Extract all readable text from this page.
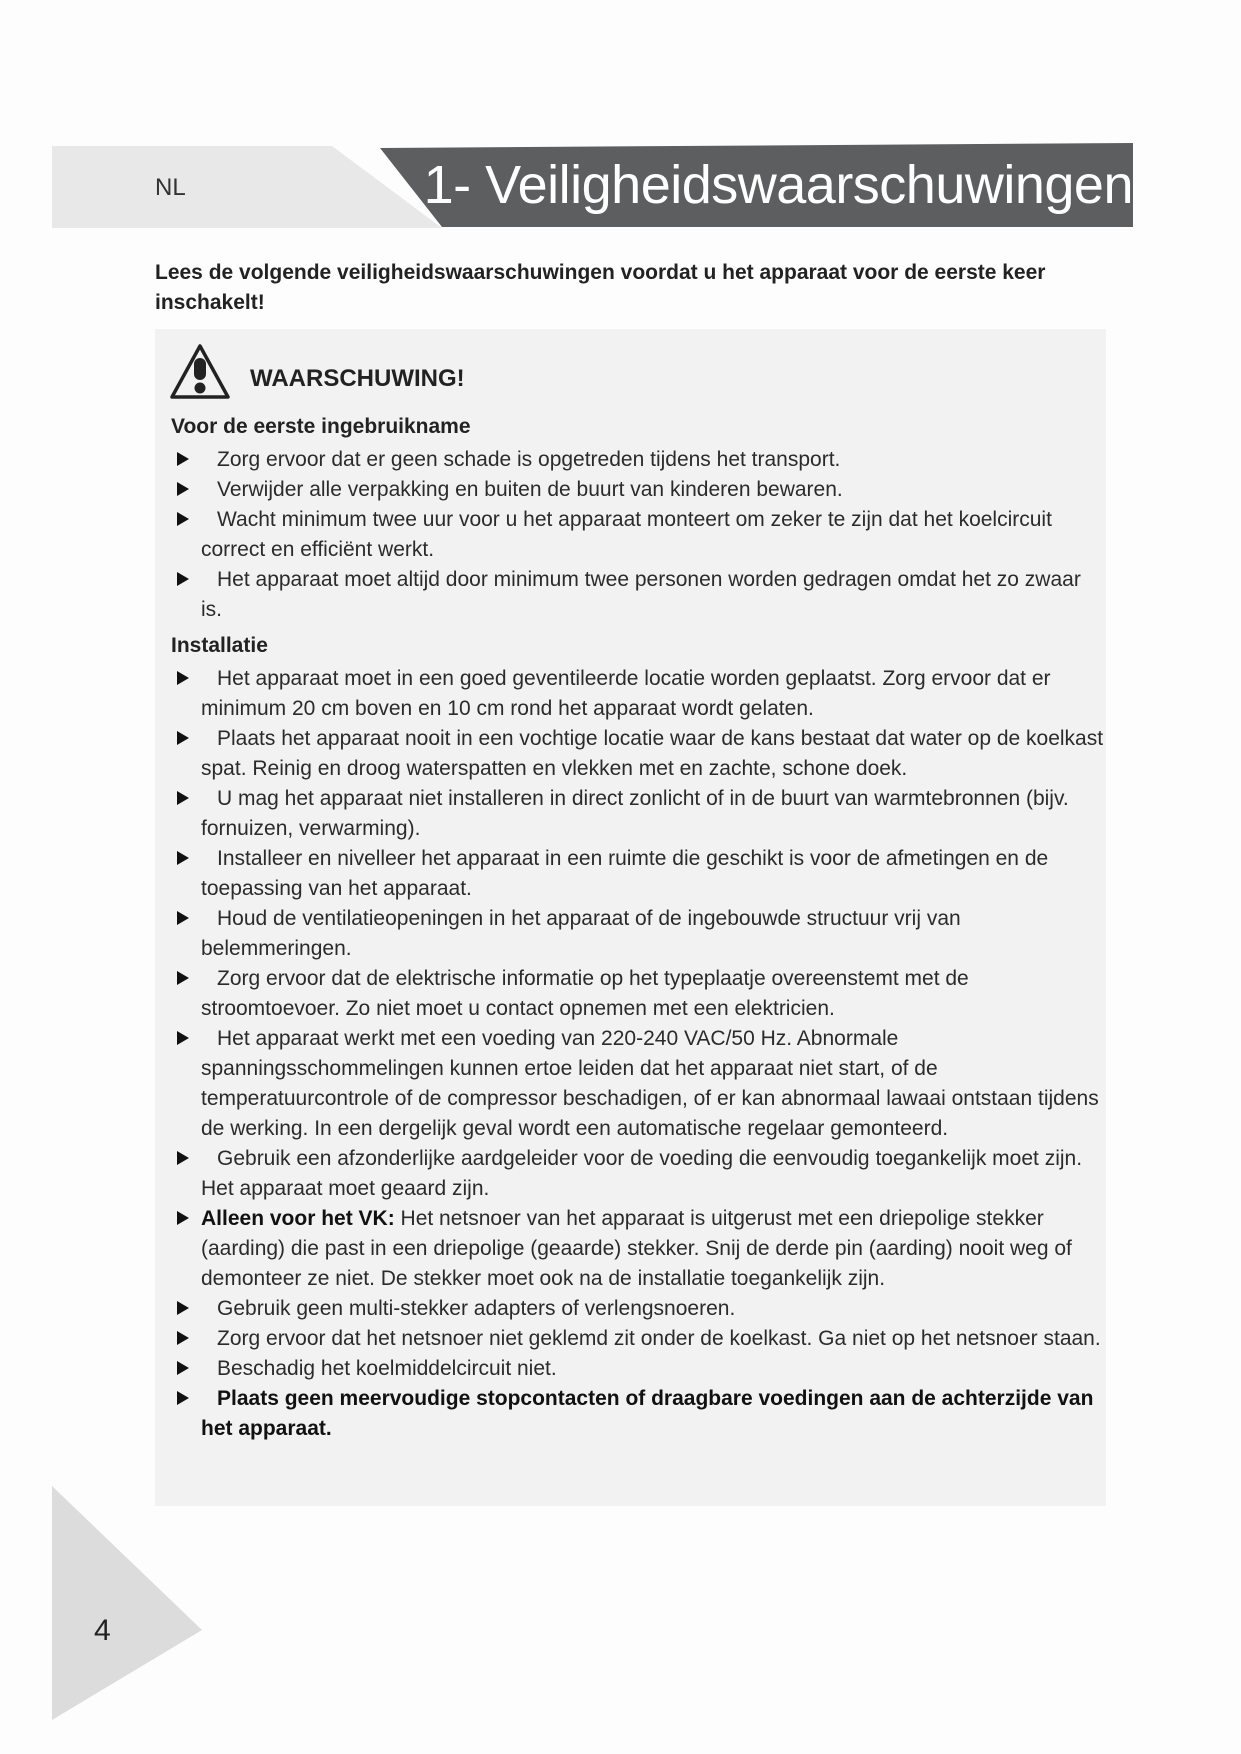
NL	1- Veiligheidswaarschuwingen

Lees de volgende veiligheidswaarschuwingen voordat u het apparaat voor de eerste keer inschakelt!

WAARSCHUWING!

Voor de eerste ingebruikname

Zorg ervoor dat er geen schade is opgetreden tijdens het transport.
Verwijder alle verpakking en buiten de buurt van kinderen bewaren.
Wacht minimum twee uur voor u het apparaat monteert om zeker te zijn dat het koelcircuit correct en efficiënt werkt.
Het apparaat moet altijd door minimum twee personen worden gedragen omdat het zo zwaar is.

Installatie

Het apparaat moet in een goed geventileerde locatie worden geplaatst. Zorg ervoor dat er minimum 20 cm boven en 10 cm rond het apparaat wordt gelaten.
Plaats het apparaat nooit in een vochtige locatie waar de kans bestaat dat water op de koelkast spat. Reinig en droog waterspatten en vlekken met en zachte, schone doek.
U mag het apparaat niet installeren in direct zonlicht of in de buurt van warmtebronnen (bijv. fornuizen, verwarming).
Installeer en nivelleer het apparaat in een ruimte die geschikt is voor de afmetingen en de toepassing van het apparaat.
Houd de ventilatieopeningen in het apparaat of de ingebouwde structuur vrij van belemmeringen.
Zorg ervoor dat de elektrische informatie op het typeplaatje overeenstemt met de stroomtoevoer. Zo niet moet u contact opnemen met een elektricien.
Het apparaat werkt met een voeding van 220-240 VAC/50 Hz. Abnormale spanningsschommelingen kunnen ertoe leiden dat het apparaat niet start, of de temperatuurcontrole of de compressor beschadigen, of er kan abnormaal lawaai ontstaan tijdens de werking. In een dergelijk geval wordt een automatische regelaar gemonteerd.
Gebruik een afzonderlijke aardgeleider voor de voeding die eenvoudig toegankelijk moet zijn. Het apparaat moet geaard zijn.
Alleen voor het VK: Het netsnoer van het apparaat is uitgerust met een driepolige stekker (aarding) die past in een driepolige (geaarde) stekker. Snij de derde pin (aarding) nooit weg of demonteer ze niet. De stekker moet ook na de installatie toegankelijk zijn.
Gebruik geen multi-stekker adapters of verlengsnoeren.
Zorg ervoor dat het netsnoer niet geklemd zit onder de koelkast. Ga niet op het netsnoer staan.
Beschadig het koelmiddelcircuit niet.
Plaats geen meervoudige stopcontacten of draagbare voedingen aan de achterzijde van het apparaat.
4
